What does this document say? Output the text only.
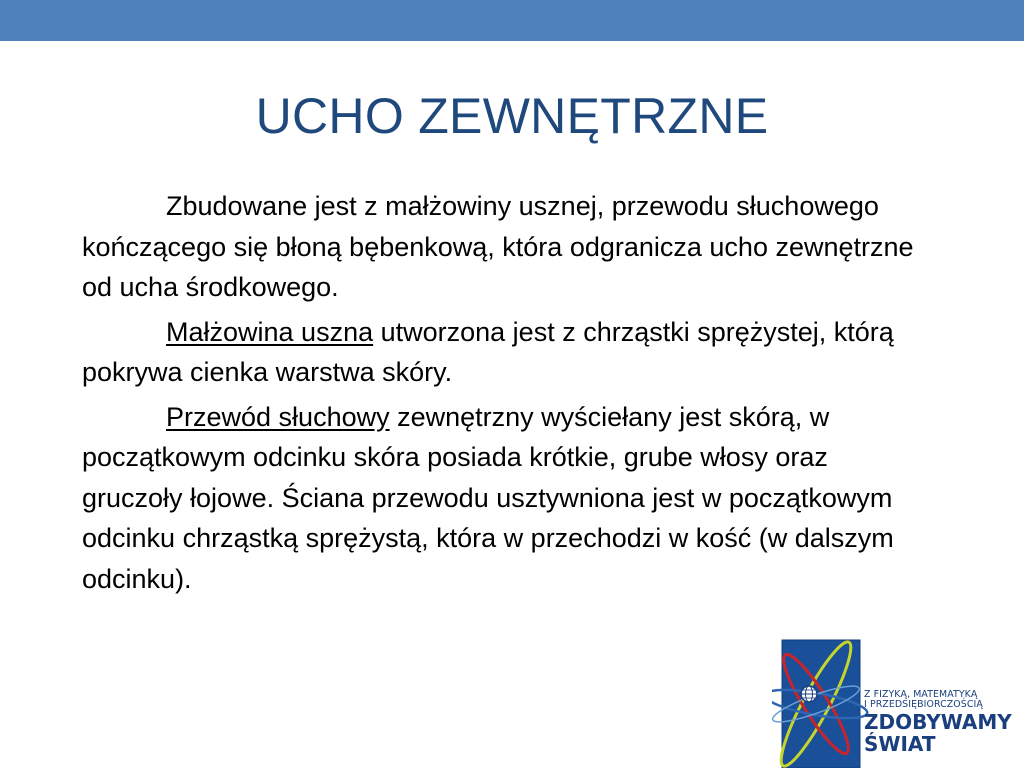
UCHO ZEWNĘTRZNE

Zbudowane jest z małżowiny usznej, przewodu słuchowego kończącego się błoną bębenkową, która odgranicza ucho zewnętrzne od ucha środkowego.

Małżowina uszna utworzona jest z chrząstki sprężystej, którą pokrywa cienka warstwa skóry.

Przewód słuchowy zewnętrzny wyściełany jest skórą, w początkowym odcinku skóra posiada krótkie, grube włosy oraz gruczoły łojowe. Ściana przewodu usztywniona jest w początkowym odcinku chrząstką sprężystą, która w przechodzi w kość (w dalszym odcinku).

Z FIZYKĄ, MATEMATYKĄ
I PRZEDSIĘBIORCZOŚCIĄ
ZDOBYWAMY
ŚWIAT
